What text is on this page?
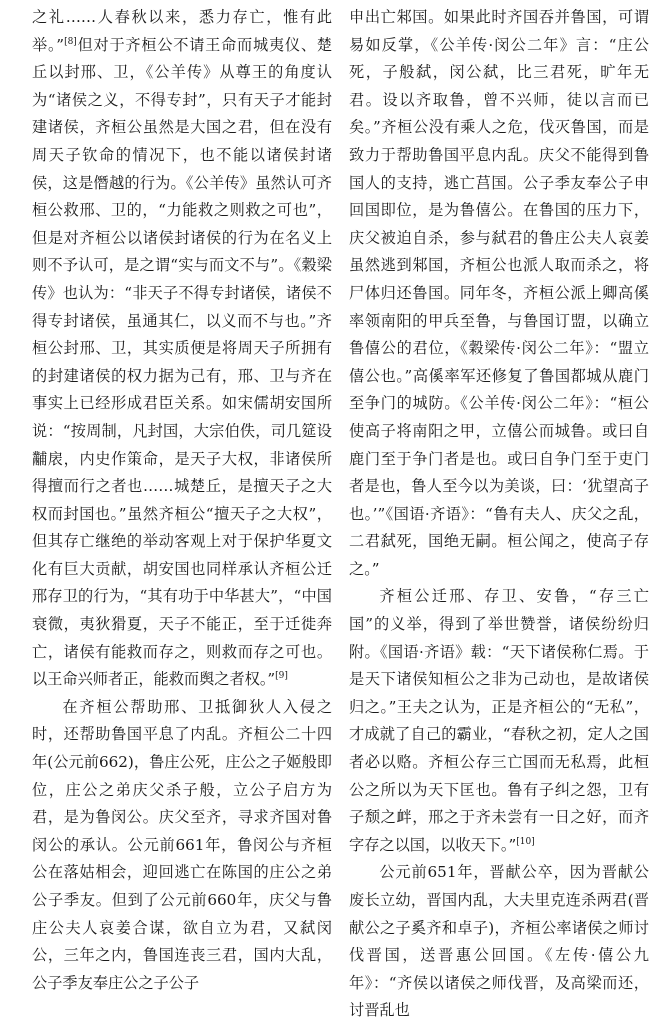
之礼……人春秋以来，悉力存亡，惟有此举。”[8]但对于齐桓公不请王命而城夷仪、楚丘以封邢、卫，《公羊传》从尊王的角度认为“诸侯之义，不得专封”，只有天子才能封建诸侯，齐桓公虽然是大国之君，但在没有周天子钦命的情况下，也不能以诸侯封诸侯，这是僭越的行为。《公羊传》虽然认可齐桓公救邢、卫的，“力能救之则救之可也”，但是对齐桓公以诸侯封诸侯的行为在名义上则不予认可，是之谓“实与而文不与”。《穀梁传》也认为：“非天子不得专封诸侯，诸侯不得专封诸侯，虽通其仁，以义而不与也。”齐桓公封邢、卫，其实质便是将周天子所拥有的封建诸侯的权力据为己有，邢、卫与齐在事实上已经形成君臣关系。如宋儒胡安国所说：“按周制，凡封国，大宗伯佚，司几筵设黼扆，内史作策命，是天子大权，非诸侯所得擅而行之者也……城楚丘，是擅天子之大权而封国也。”虽然齐桓公“擅天子之大权”，但其存亡继绝的举动客观上对于保护华夏文化有巨大贡献，胡安国也同样承认齐桓公迁邢存卫的行为，“其有功于中华甚大”，“中国衰微，夷狄猾夏，天子不能正，至于迁徙奔亡，诸侯有能救而存之，则救而存之可也。以王命兴师者正，能救而舆之者权。”[9]

在齐桓公帮助邢、卫抵御狄人入侵之时，还帮助鲁国平息了内乱。齐桓公二十四年(公元前662)，鲁庄公死，庄公之子姬般即位，庄公之弟庆父杀子般，立公子启方为君，是为鲁闵公。庆父至齐，寻求齐国对鲁闵公的承认。公元前661年，鲁闵公与齐桓公在落姑相会，迎回逃亡在陈国的庄公之弟公子季友。但到了公元前660年，庆父与鲁庄公夫人哀姜合谋，欲自立为君，又弑闵公，三年之内，鲁国连丧三君，国内大乱，公子季友奉庄公之子公子

申出亡邾国。如果此时齐国吞并鲁国，可谓易如反掌，《公羊传·闵公二年》言：“庄公死，子般弑，闵公弑，比三君死，旷年无君。设以齐取鲁，曾不兴师，徒以言而已矣。”齐桓公没有乘人之危，伐灭鲁国，而是致力于帮助鲁国平息内乱。庆父不能得到鲁国人的支持，逃亡莒国。公子季友奉公子申回国即位，是为鲁僖公。在鲁国的压力下，庆父被迫自杀，参与弑君的鲁庄公夫人哀姜虽然逃到邾国，齐桓公也派人取而杀之，将尸体归还鲁国。同年冬，齐桓公派上卿高傒率领南阳的甲兵至鲁，与鲁国订盟，以确立鲁僖公的君位，《穀梁传·闵公二年》：“盟立僖公也。”高傒率军还修复了鲁国都城从鹿门至争门的城防。《公羊传·闵公二年》：“桓公使高子将南阳之甲，立僖公而城鲁。或曰自鹿门至于争门者是也。或曰自争门至于吏门者是也，鲁人至今以为美谈，曰：‘犹望高子也。’”《国语·齐语》：“鲁有夫人、庆父之乱，二君弑死，国绝无嗣。桓公闻之，使高子存之。”

齐桓公迁邢、存卫、安鲁，“存三亡国”的义举，得到了举世赞誉，诸侯纷纷归附。《国语·齐语》载：“天下诸侯称仁焉。于是天下诸侯知桓公之非为己动也，是故诸侯归之。”王夫之认为，正是齐桓公的“无私”，才成就了自己的霸业，“春秋之初，定人之国者必以赂。齐桓公存三亡国而无私焉，此桓公之所以为天下匡也。鲁有子纠之怨，卫有子颓之衅，邢之于齐未尝有一日之好，而齐字存之以国，以收天下。”[10]

公元前651年，晋献公卒，因为晋献公废长立幼，晋国内乱，大夫里克连杀两君(晋献公之子奚齐和卓子)，齐桓公率诸侯之师讨伐晋国，送晋惠公回国。《左传·僖公九年》：“齐侯以诸侯之师伐晋，及高梁而还，讨晋乱也
